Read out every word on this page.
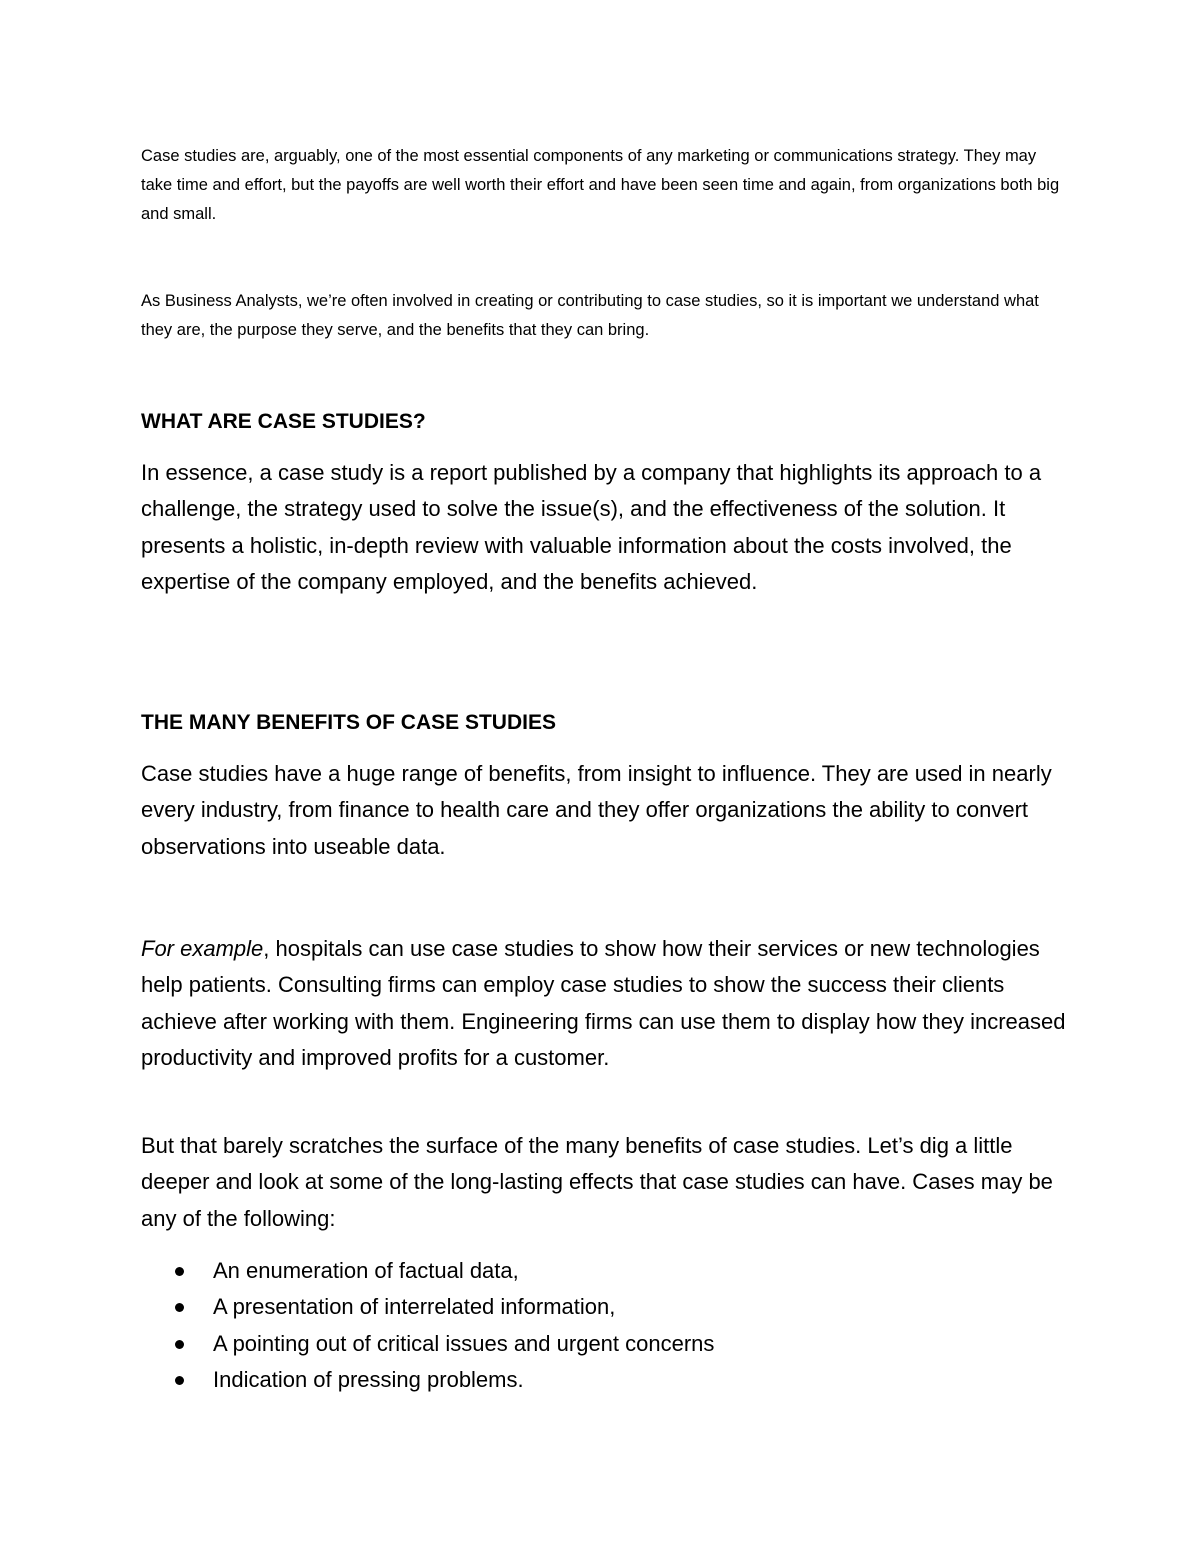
Case studies are, arguably, one of the most essential components of any marketing or communications strategy. They may take time and effort, but the payoffs are well worth their effort and have been seen time and again, from organizations both big and small.

As Business Analysts, we’re often involved in creating or contributing to case studies, so it is important we understand what they are, the purpose they serve, and the benefits that they can bring.

WHAT ARE CASE STUDIES?

In essence, a case study is a report published by a company that highlights its approach to a challenge, the strategy used to solve the issue(s), and the effectiveness of the solution. It presents a holistic, in-depth review with valuable information about the costs involved, the expertise of the company employed, and the benefits achieved.

THE MANY BENEFITS OF CASE STUDIES

Case studies have a huge range of benefits, from insight to influence. They are used in nearly every industry, from finance to health care and they offer organizations the ability to convert observations into useable data.

For example, hospitals can use case studies to show how their services or new technologies help patients. Consulting firms can employ case studies to show the success their clients achieve after working with them. Engineering firms can use them to display how they increased productivity and improved profits for a customer.

But that barely scratches the surface of the many benefits of case studies. Let’s dig a little deeper and look at some of the long-lasting effects that case studies can have. Cases may be any of the following:

An enumeration of factual data,
A presentation of interrelated information,
A pointing out of critical issues and urgent concerns
Indication of pressing problems.
